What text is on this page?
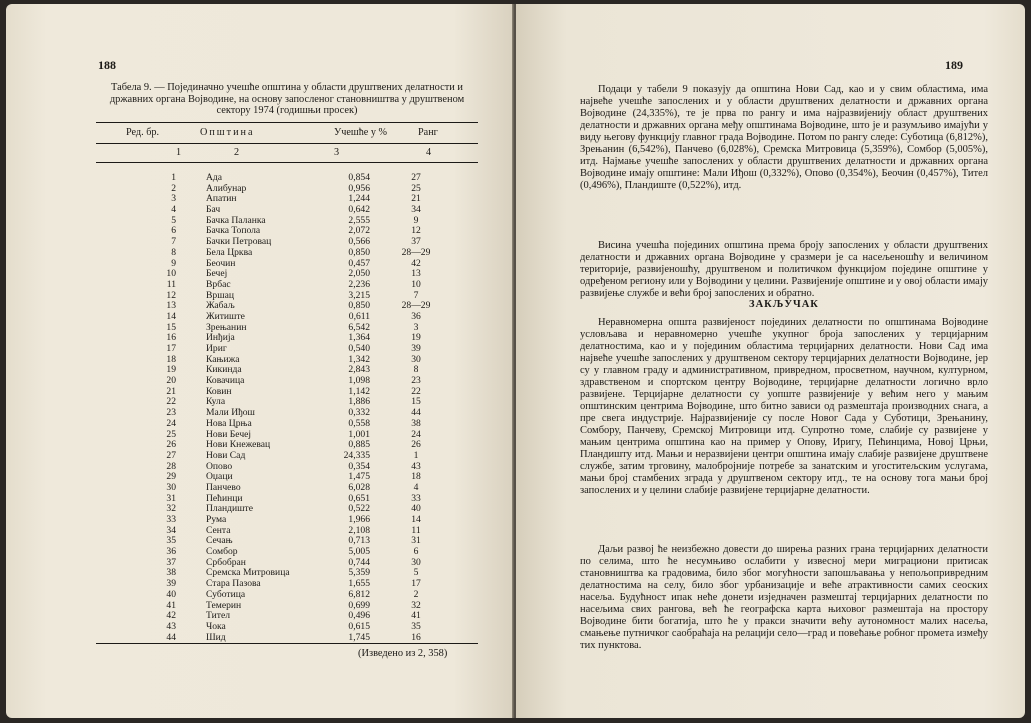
188
Табела 9. — Појединачно учешће општина у области друштвених делатности и државних органа Војводине, на основу запосленог становништва у друштвеном сектору 1974 (годишњи просек)
Ред. бр.	Општина	Учешће у %	Ранг
1	2	3	4
1	Ада	0,854	27
2	Алибунар	0,956	25
3	Апатин	1,244	21
4	Бач	0,642	34
5	Бачка Паланка	2,555	9
6	Бачка Топола	2,072	12
7	Бачки Петровац	0,566	37
8	Бела Црква	0,850	28—29
9	Беочин	0,457	42
10	Бечеј	2,050	13
11	Врбас	2,236	10
12	Вршац	3,215	7
13	Жабаљ	0,850	28—29
14	Житиште	0,611	36
15	Зрењанин	6,542	3
16	Инђија	1,364	19
17	Ириг	0,540	39
18	Кањижа	1,342	30
19	Кикинда	2,843	8
20	Ковачица	1,098	23
21	Ковин	1,142	22
22	Кула	1,886	15
23	Мали Иђош	0,332	44
24	Нова Црња	0,558	38
25	Нови Бечеј	1,001	24
26	Нови Кнежевац	0,885	26
27	Нови Сад	24,335	1
28	Опово	0,354	43
29	Оџаци	1,475	18
30	Панчево	6,028	4
31	Пећинци	0,651	33
32	Пландиште	0,522	40
33	Рума	1,966	14
34	Сента	2,108	11
35	Сечањ	0,713	31
36	Сомбор	5,005	6
37	Србобран	0,744	30
38	Сремска Митровица	5,359	5
39	Стара Пазова	1,655	17
40	Суботица	6,812	2
41	Темерин	0,699	32
42	Тител	0,496	41
43	Чока	0,615	35
44	Шид	1,745	16
(Изведено из 2, 358)
189

Подаци у табели 9 показују да општина Нови Сад, као и у свим областима, има највеће учешће запослених и у области друштвених делатности и државних органа Војводине (24,335%), те је прва по рангу и има најразвијенију област друштвених делатности и државних органа међу општинама Војводине, што је и разумљиво имајући у виду његову функцију главног града Војводине. Потом по рангу следе: Суботица (6,812%), Зрењанин (6,542%), Панчево (6,028%), Сремска Митровица (5,359%), Сомбор (5,005%), итд. Најмање учешће запослених у области друштвених делатности и државних органа Војводине имају општине: Мали Иђош (0,332%), Опово (0,354%), Беочин (0,457%), Тител (0,496%), Пландиште (0,522%), итд.

Висина учешћа појединих општина према броју запослених у области друштвених делатности и државних органа Војводине у сразмери је са насељеношћу и величином територије, развијеношћу, друштвеном и политичком функцијом поједине општине у одређеном региону или у Војводини у целини. Развијеније општине и у овој области имају развијење службе и већи број запослених и обратно.

ЗАКЉУЧАК

Неравномерна општа развијеност појединих делатности по општинама Војводине условљава и неравномерно учешће укупног броја запослених у терцијарним делатностима, као и у појединим областима терцијарних делатности. Нови Сад има највеће учешће запослених у друштвеном сектору терцијарних делатности Војводине, јер су у главном граду и административном, привредном, просветном, научном, културном, здравственом и спортском центру Војводине, терцијарне делатности логично врло развијене. Терцијарне делатности су уопште развијеније у већим него у мањим општинским центрима Војводине, што битно зависи од размештаја производних снага, а пре свега индустрије. Најразвијеније су после Новог Сада у Суботици, Зрењанину, Сомбору, Панчеву, Сремској Митровици итд. Супротно томе, слабије су развијене у мањим центрима општина као на пример у Опову, Иригу, Пећинцима, Новој Црњи, Пландишту итд. Мањи и неразвијени центри општина имају слабије развијене друштвене службе, затим трговину, малобројније потребе за занатским и угоститељским услугама, мањи број стамбених зграда у друштвеном сектору итд., те на основу тога мањи број запослених и у целини слабије развијене терцијарне делатности.

Даљи развој ће неизбежно довести до ширења разних грана терцијарних делатности по селима, што ће несумњиво ослабити у извесној мери миграциони притисак становништва ка градовима, било због могућности запошљавања у непољопривредним делатностима на селу, било због урбанизације и веће атрактивности самих сеоских насеља. Будућност ипак неће донети изједначен размештај терцијарних делатности по насељима свих рангова, већ ће географска карта њиховог размештаја на простору Војводине бити богатија, што ће у пракси значити већу аутономност малих насеља, смањење путничког саобраћаја на релацији село—град и повећање робног промета између тих пунктова.
